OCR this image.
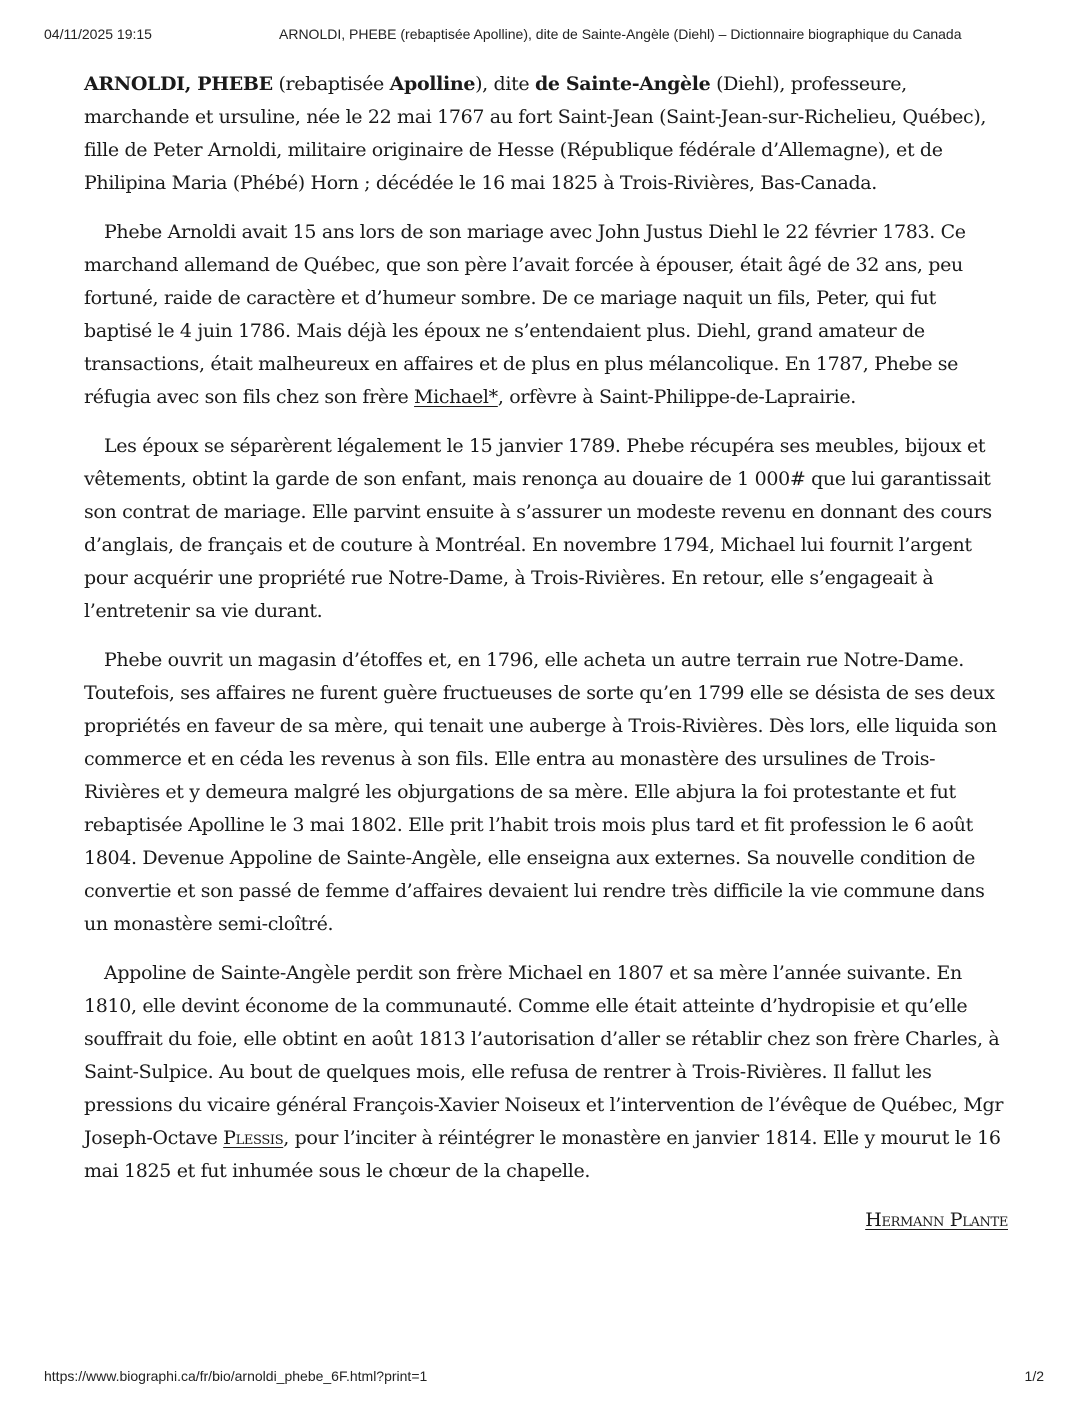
04/11/2025 19:15	ARNOLDI, PHEBE (rebaptisée Apolline), dite de Sainte-Angèle (Diehl) – Dictionnaire biographique du Canada

ARNOLDI, PHEBE (rebaptisée Apolline), dite de Sainte-Angèle (Diehl), professeure, marchande et ursuline, née le 22 mai 1767 au fort Saint-Jean (Saint-Jean-sur-Richelieu, Québec), fille de Peter Arnoldi, militaire originaire de Hesse (République fédérale d’Allemagne), et de Philipina Maria (Phébé) Horn ; décédée le 16 mai 1825 à Trois-Rivières, Bas-Canada.

Phebe Arnoldi avait 15 ans lors de son mariage avec John Justus Diehl le 22 février 1783. Ce marchand allemand de Québec, que son père l’avait forcée à épouser, était âgé de 32 ans, peu fortuné, raide de caractère et d’humeur sombre. De ce mariage naquit un fils, Peter, qui fut baptisé le 4 juin 1786. Mais déjà les époux ne s’entendaient plus. Diehl, grand amateur de transactions, était malheureux en affaires et de plus en plus mélancolique. En 1787, Phebe se réfugia avec son fils chez son frère Michael*, orfèvre à Saint-Philippe-de-Laprairie.

Les époux se séparèrent légalement le 15 janvier 1789. Phebe récupéra ses meubles, bijoux et vêtements, obtint la garde de son enfant, mais renonça au douaire de 1 000# que lui garantissait son contrat de mariage. Elle parvint ensuite à s’assurer un modeste revenu en donnant des cours d’anglais, de français et de couture à Montréal. En novembre 1794, Michael lui fournit l’argent pour acquérir une propriété rue Notre-Dame, à Trois-Rivières. En retour, elle s’engageait à l’entretenir sa vie durant.

Phebe ouvrit un magasin d’étoffes et, en 1796, elle acheta un autre terrain rue Notre-Dame. Toutefois, ses affaires ne furent guère fructueuses de sorte qu’en 1799 elle se désista de ses deux propriétés en faveur de sa mère, qui tenait une auberge à Trois-Rivières. Dès lors, elle liquida son commerce et en céda les revenus à son fils. Elle entra au monastère des ursulines de Trois-Rivières et y demeura malgré les objurgations de sa mère. Elle abjura la foi protestante et fut rebaptisée Apolline le 3 mai 1802. Elle prit l’habit trois mois plus tard et fit profession le 6 août 1804. Devenue Appoline de Sainte-Angèle, elle enseigna aux externes. Sa nouvelle condition de convertie et son passé de femme d’affaires devaient lui rendre très difficile la vie commune dans un monastère semi-cloîtré.

Appoline de Sainte-Angèle perdit son frère Michael en 1807 et sa mère l’année suivante. En 1810, elle devint économe de la communauté. Comme elle était atteinte d’hydropisie et qu’elle souffrait du foie, elle obtint en août 1813 l’autorisation d’aller se rétablir chez son frère Charles, à Saint-Sulpice. Au bout de quelques mois, elle refusa de rentrer à Trois-Rivières. Il fallut les pressions du vicaire général François-Xavier Noiseux et l’intervention de l’évêque de Québec, Mgr Joseph-Octave Plessis, pour l’inciter à réintégrer le monastère en janvier 1814. Elle y mourut le 16 mai 1825 et fut inhumée sous le chœur de la chapelle.

Hermann Plante

https://www.biographi.ca/fr/bio/arnoldi_phebe_6F.html?print=1	1/2
